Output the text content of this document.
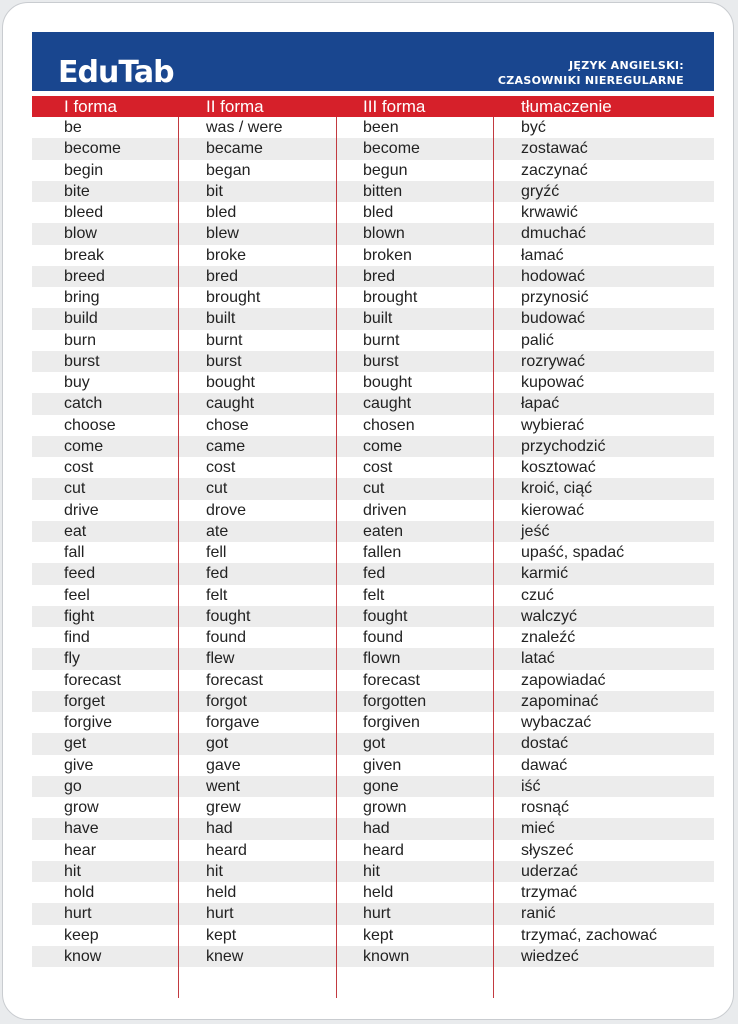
EduTab	JĘZYK ANGIELSKI:
CZASOWNIKI NIEREGULARNE
I forma	II forma	III forma	tłumaczenie
be	was / were	been	być
become	became	become	zostawać
begin	began	begun	zaczynać
bite	bit	bitten	gryźć
bleed	bled	bled	krwawić
blow	blew	blown	dmuchać
break	broke	broken	łamać
breed	bred	bred	hodować
bring	brought	brought	przynosić
build	built	built	budować
burn	burnt	burnt	palić
burst	burst	burst	rozrywać
buy	bought	bought	kupować
catch	caught	caught	łapać
choose	chose	chosen	wybierać
come	came	come	przychodzić
cost	cost	cost	kosztować
cut	cut	cut	kroić, ciąć
drive	drove	driven	kierować
eat	ate	eaten	jeść
fall	fell	fallen	upaść, spadać
feed	fed	fed	karmić
feel	felt	felt	czuć
fight	fought	fought	walczyć
find	found	found	znaleźć
fly	flew	flown	latać
forecast	forecast	forecast	zapowiadać
forget	forgot	forgotten	zapominać
forgive	forgave	forgiven	wybaczać
get	got	got	dostać
give	gave	given	dawać
go	went	gone	iść
grow	grew	grown	rosnąć
have	had	had	mieć
hear	heard	heard	słyszeć
hit	hit	hit	uderzać
hold	held	held	trzymać
hurt	hurt	hurt	ranić
keep	kept	kept	trzymać, zachować
know	knew	known	wiedzeć
